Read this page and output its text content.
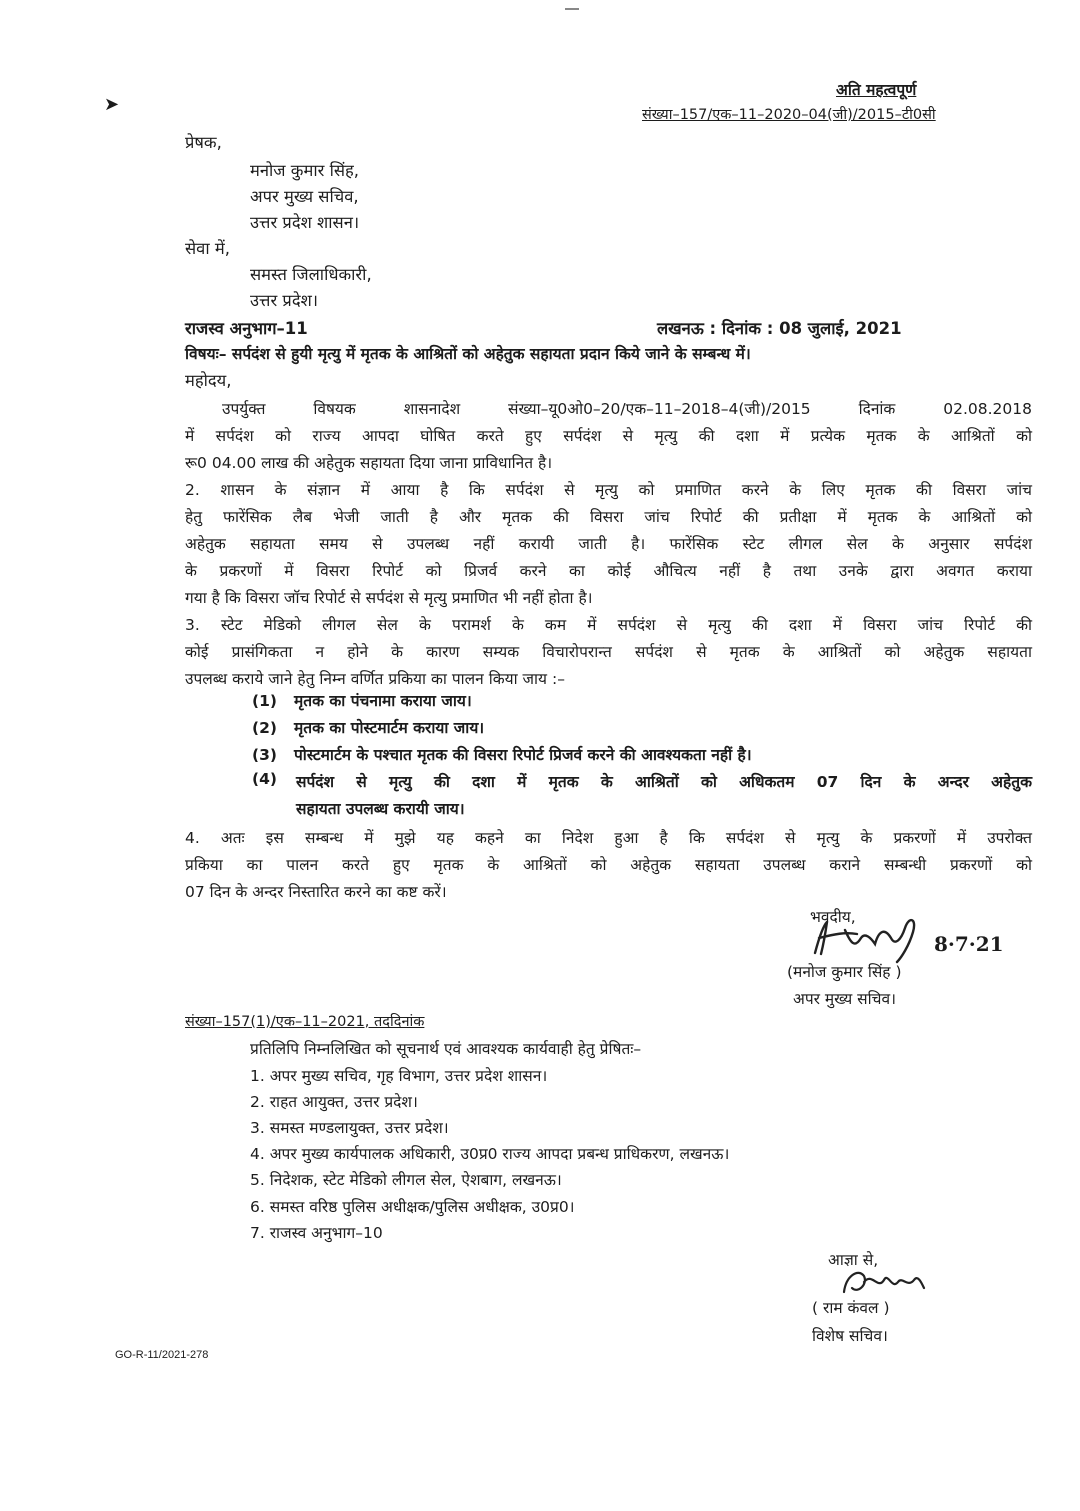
➤
अति महत्वपूर्ण
संख्या–157/एक–11–2020–04(जी)/2015–टी0सी
प्रेषक,
मनोज कुमार सिंह,
अपर मुख्य सचिव,
उत्तर प्रदेश शासन।
सेवा में,
समस्त जिलाधिकारी,
उत्तर प्रदेश।
राजस्व अनुभाग–11	लखनऊ : दिनांक : 08 जुलाई, 2021
विषयः– सर्पदंश से हुयी मृत्यु में मृतक के आश्रितों को अहेतुक सहायता प्रदान किये जाने के सम्बन्ध में।
महोदय,
उपर्युक्त विषयक शासनादेश संख्या–यू0ओ0–20/एक–11–2018–4(जी)/2015 दिनांक 02.08.2018
में सर्पदंश को राज्य आपदा घोषित करते हुए सर्पदंश से मृत्यु की दशा में प्रत्येक मृतक के आश्रितों को
रू0 04.00 लाख की अहेतुक सहायता दिया जाना प्राविधानित है।
2. शासन के संज्ञान में आया है कि सर्पदंश से मृत्यु को प्रमाणित करने के लिए मृतक की विसरा जांच
हेतु फारेंसिक लैब भेजी जाती है और मृतक की विसरा जांच रिपोर्ट की प्रतीक्षा में मृतक के आश्रितों को
अहेतुक सहायता समय से उपलब्ध नहीं करायी जाती है। फारेंसिक स्टेट लीगल सेल के अनुसार सर्पदंश
के प्रकरणों में विसरा रिपोर्ट को प्रिजर्व करने का कोई औचित्य नहीं है तथा उनके द्वारा अवगत कराया
गया है कि विसरा जॉच रिपोर्ट से सर्पदंश से मृत्यु प्रमाणित भी नहीं होता है।
3. स्टेट मेडिको लीगल सेल के परामर्श के कम में सर्पदंश से मृत्यु की दशा में विसरा जांच रिपोर्ट की
कोई प्रासंगिकता न होने के कारण सम्यक विचारोपरान्त सर्पदंश से मृतक के आश्रितों को अहेतुक सहायता
उपलब्ध कराये जाने हेतु निम्न वर्णित प्रकिया का पालन किया जाय :–
(1) मृतक का पंचनामा कराया जाय।
(2) मृतक का पोस्टमार्टम कराया जाय।
(3) पोस्टमार्टम के पश्चात मृतक की विसरा रिपोर्ट प्रिजर्व करने की आवश्यकता नहीं है।
(4) सर्पदंश से मृत्यु की दशा में मृतक के आश्रितों को अधिकतम 07 दिन के अन्दर अहेतुक
सहायता उपलब्ध करायी जाय।
4. अतः इस सम्बन्ध में मुझे यह कहने का निदेश हुआ है कि सर्पदंश से मृत्यु के प्रकरणों में उपरोक्त
प्रकिया का पालन करते हुए मृतक के आश्रितों को अहेतुक सहायता उपलब्ध कराने सम्बन्धी प्रकरणों को
07 दिन के अन्दर निस्तारित करने का कष्ट करें।
भवदीय,
8·7·21
(मनोज कुमार सिंह )
अपर मुख्य सचिव।
संख्या–157(1)/एक–11–2021, तददिनांक
प्रतिलिपि निम्नलिखित को सूचनार्थ एवं आवश्यक कार्यवाही हेतु प्रेषितः–
1. अपर मुख्य सचिव, गृह विभाग, उत्तर प्रदेश शासन।
2. राहत आयुक्त, उत्तर प्रदेश।
3. समस्त मण्डलायुक्त, उत्तर प्रदेश।
4. अपर मुख्य कार्यपालक अधिकारी, उ0प्र0 राज्य आपदा प्रबन्ध प्राधिकरण, लखनऊ।
5. निदेशक, स्टेट मेडिको लीगल सेल, ऐशबाग, लखनऊ।
6. समस्त वरिष्ठ पुलिस अधीक्षक/पुलिस अधीक्षक, उ0प्र0।
7. राजस्व अनुभाग–10
आज्ञा से,
( राम कंवल )
विशेष सचिव।
GO-R-11/2021-278
